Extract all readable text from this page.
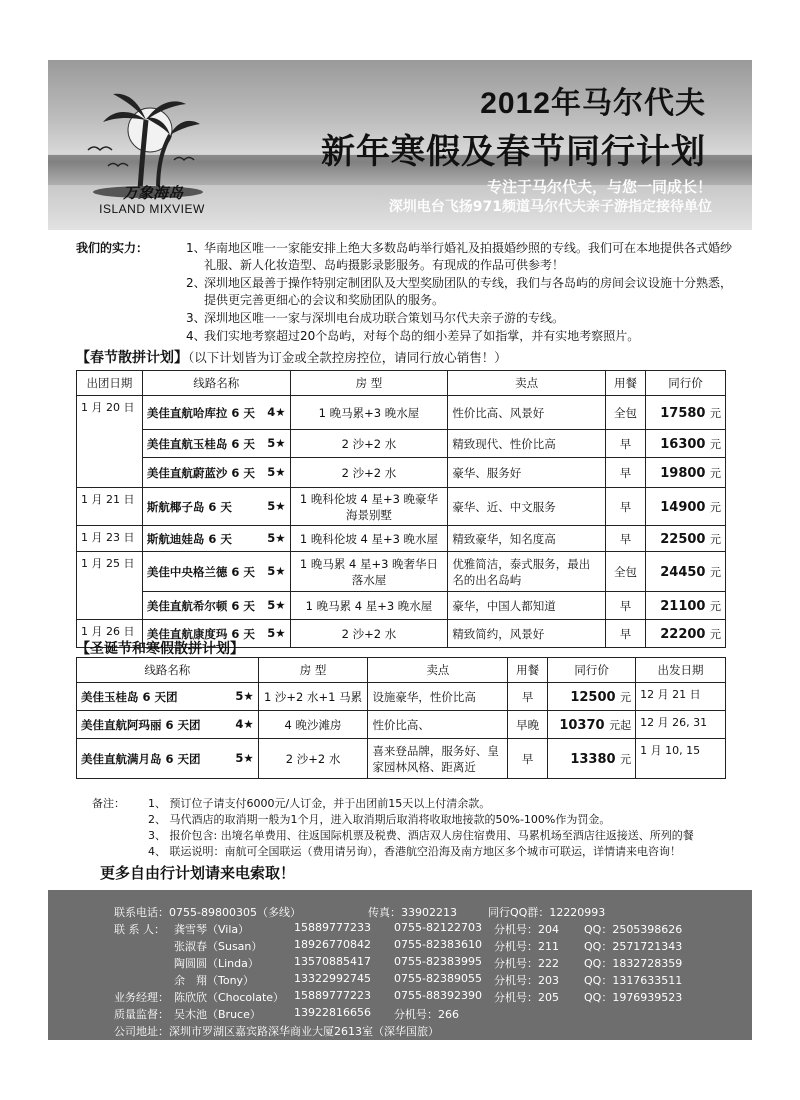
万象海岛
ISLAND MIXVIEW
2012年马尔代夫
新年寒假及春节同行计划
专注于马尔代夫，与您一同成长！
深圳电台飞扬971频道马尔代夫亲子游指定接待单位
我们的实力：	1、
华南地区唯一一家能安排上绝大多数岛屿举行婚礼及拍摄婚纱照的专线。我们可在本地提供各式婚纱礼服、新人化妆造型、岛屿摄影录影服务。有现成的作品可供参考！
2、
深圳地区最善于操作特别定制团队及大型奖励团队的专线，我们与各岛屿的房间会议设施十分熟悉，提供更完善更细心的会议和奖励团队的服务。
3、
深圳地区唯一一家与深圳电台成功联合策划马尔代夫亲子游的专线。
4、
我们实地考察超过20个岛屿，对每个岛的细小差异了如指掌，并有实地考察照片。
【春节散拼计划】（以下计划皆为订金或全款控房控位，请同行放心销售！）
出团日期	线路名称	房 型	卖点	用餐	同行价
1 月 20 日	美佳直航哈库拉 6 天 4★	1 晚马累+3 晚水屋	性价比高、风景好	全包	17580 元
	美佳直航玉桂岛 6 天 5★	2 沙+2 水	精致现代、性价比高	早	16300 元
	美佳直航蔚蓝沙 6 天 5★	2 沙+2 水	豪华、服务好	早	19800 元
1 月 21 日	斯航椰子岛 6 天 5★	1 晚科伦坡 4 星+3 晚豪华海景别墅	豪华、近、中文服务	早	14900 元
1 月 23 日	斯航迪娃岛 6 天 5★	1 晚科伦坡 4 星+3 晚水屋	精致豪华，知名度高	早	22500 元
1 月 25 日	美佳中央格兰德 6 天 5★	1 晚马累 4 星+3 晚奢华日落水屋	优雅简洁，泰式服务，最出名的出名岛屿	全包	24450 元
	美佳直航希尔顿 6 天 5★	1 晚马累 4 星+3 晚水屋	豪华，中国人都知道	早	21100 元
1 月 26 日	美佳直航康度玛 6 天 5★	2 沙+2 水	精致简约，风景好	早	22200 元
【圣诞节和寒假散拼计划】
线路名称	房 型	卖点	用餐	同行价	出发日期
美佳玉桂岛 6 天团 5★	1 沙+2 水+1 马累	设施豪华，性价比高	早	12500 元	12 月 21 日
美佳直航阿玛丽 6 天团 4★	4 晚沙滩房	性价比高、	早晚	10370 元起	12 月 26, 31
美佳直航满月岛 6 天团 5★	2 沙+2 水	喜来登品牌，服务好、皇家园林风格、距离近	早	13380 元	1 月 10, 15
备注： 1、 预订位子请支付6000元/人订金，并于出团前15天以上付清余款。
2、 马代酒店的取消期一般为1个月，进入取消期后取消将收取地接款的50%-100%作为罚金。
3、 报价包含: 出境名单费用、往返国际机票及税费、酒店双人房住宿费用、马累机场至酒店往返接送、所列的餐
4、 联运说明：南航可全国联运（费用请另询），香港航空沿海及南方地区多个城市可联运，详情请来电咨询！
更多自由行计划请来电索取！
联系电话：0755-89800305（多线）	传真：33902213	同行QQ群：12220993
联 系 人： 龚雪琴（Vila）	15889777233 0755-82122703 分机号：204 QQ：2505398626
张淑春（Susan）	18926770842 0755-82383610 分机号：211 QQ：2571721343
陶圆圆（Linda）	13570885417 0755-82383995 分机号：222 QQ：1832728359
余　翔（Tony）	13322992745 0755-82389055 分机号：203 QQ：1317633511
业务经理： 陈欣欣（Chocolate） 15889777223 0755-88392390 分机号：205 QQ：1976939523
质量监督： 吴木池（Bruce）	13922816656 分机号：266
公司地址：深圳市罗湖区嘉宾路深华商业大厦2613室（深华国旅）
